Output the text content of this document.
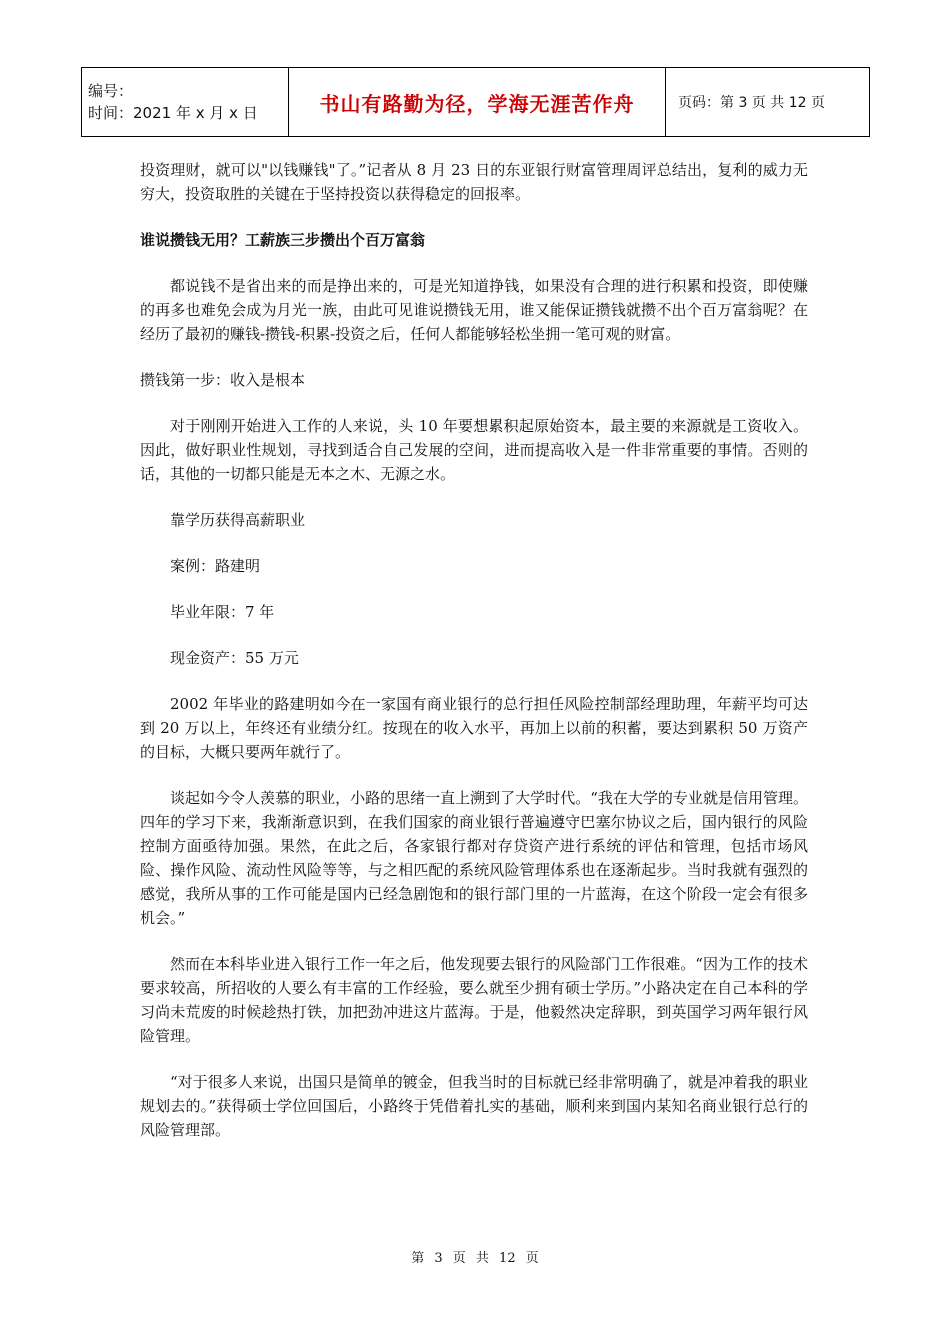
编号：
时间：2021 年 x 月 x 日	书山有路勤为径，学海无涯苦作舟	页码：第 3 页 共 12 页

投资理财，就可以"以钱赚钱"了。”记者从 8 月 23 日的东亚银行财富管理周评总结出，复利的威力无穷大，投资取胜的关键在于坚持投资以获得稳定的回报率。

谁说攒钱无用？工薪族三步攒出个百万富翁

都说钱不是省出来的而是挣出来的，可是光知道挣钱，如果没有合理的进行积累和投资，即使赚的再多也难免会成为月光一族，由此可见谁说攒钱无用，谁又能保证攒钱就攒不出个百万富翁呢？在经历了最初的赚钱-攒钱-积累-投资之后，任何人都能够轻松坐拥一笔可观的财富。

攒钱第一步：收入是根本

对于刚刚开始进入工作的人来说，头 10 年要想累积起原始资本，最主要的来源就是工资收入。因此，做好职业性规划，寻找到适合自己发展的空间，进而提高收入是一件非常重要的事情。否则的话，其他的一切都只能是无本之木、无源之水。

靠学历获得高薪职业

案例：路建明

毕业年限：7 年

现金资产：55 万元

2002 年毕业的路建明如今在一家国有商业银行的总行担任风险控制部经理助理，年薪平均可达到 20 万以上，年终还有业绩分红。按现在的收入水平，再加上以前的积蓄，要达到累积 50 万资产的目标，大概只要两年就行了。

谈起如今令人羡慕的职业，小路的思绪一直上溯到了大学时代。“我在大学的专业就是信用管理。四年的学习下来，我渐渐意识到，在我们国家的商业银行普遍遵守巴塞尔协议之后，国内银行的风险控制方面亟待加强。果然，在此之后，各家银行都对存贷资产进行系统的评估和管理，包括市场风险、操作风险、流动性风险等等，与之相匹配的系统风险管理体系也在逐渐起步。当时我就有强烈的感觉，我所从事的工作可能是国内已经急剧饱和的银行部门里的一片蓝海，在这个阶段一定会有很多机会。”

然而在本科毕业进入银行工作一年之后，他发现要去银行的风险部门工作很难。“因为工作的技术要求较高，所招收的人要么有丰富的工作经验，要么就至少拥有硕士学历。”小路决定在自己本科的学习尚未荒废的时候趁热打铁，加把劲冲进这片蓝海。于是，他毅然决定辞职，到英国学习两年银行风险管理。

“对于很多人来说，出国只是简单的镀金，但我当时的目标就已经非常明确了，就是冲着我的职业规划去的。”获得硕士学位回国后，小路终于凭借着扎实的基础，顺利来到国内某知名商业银行总行的风险管理部。

第 3 页 共 12 页
